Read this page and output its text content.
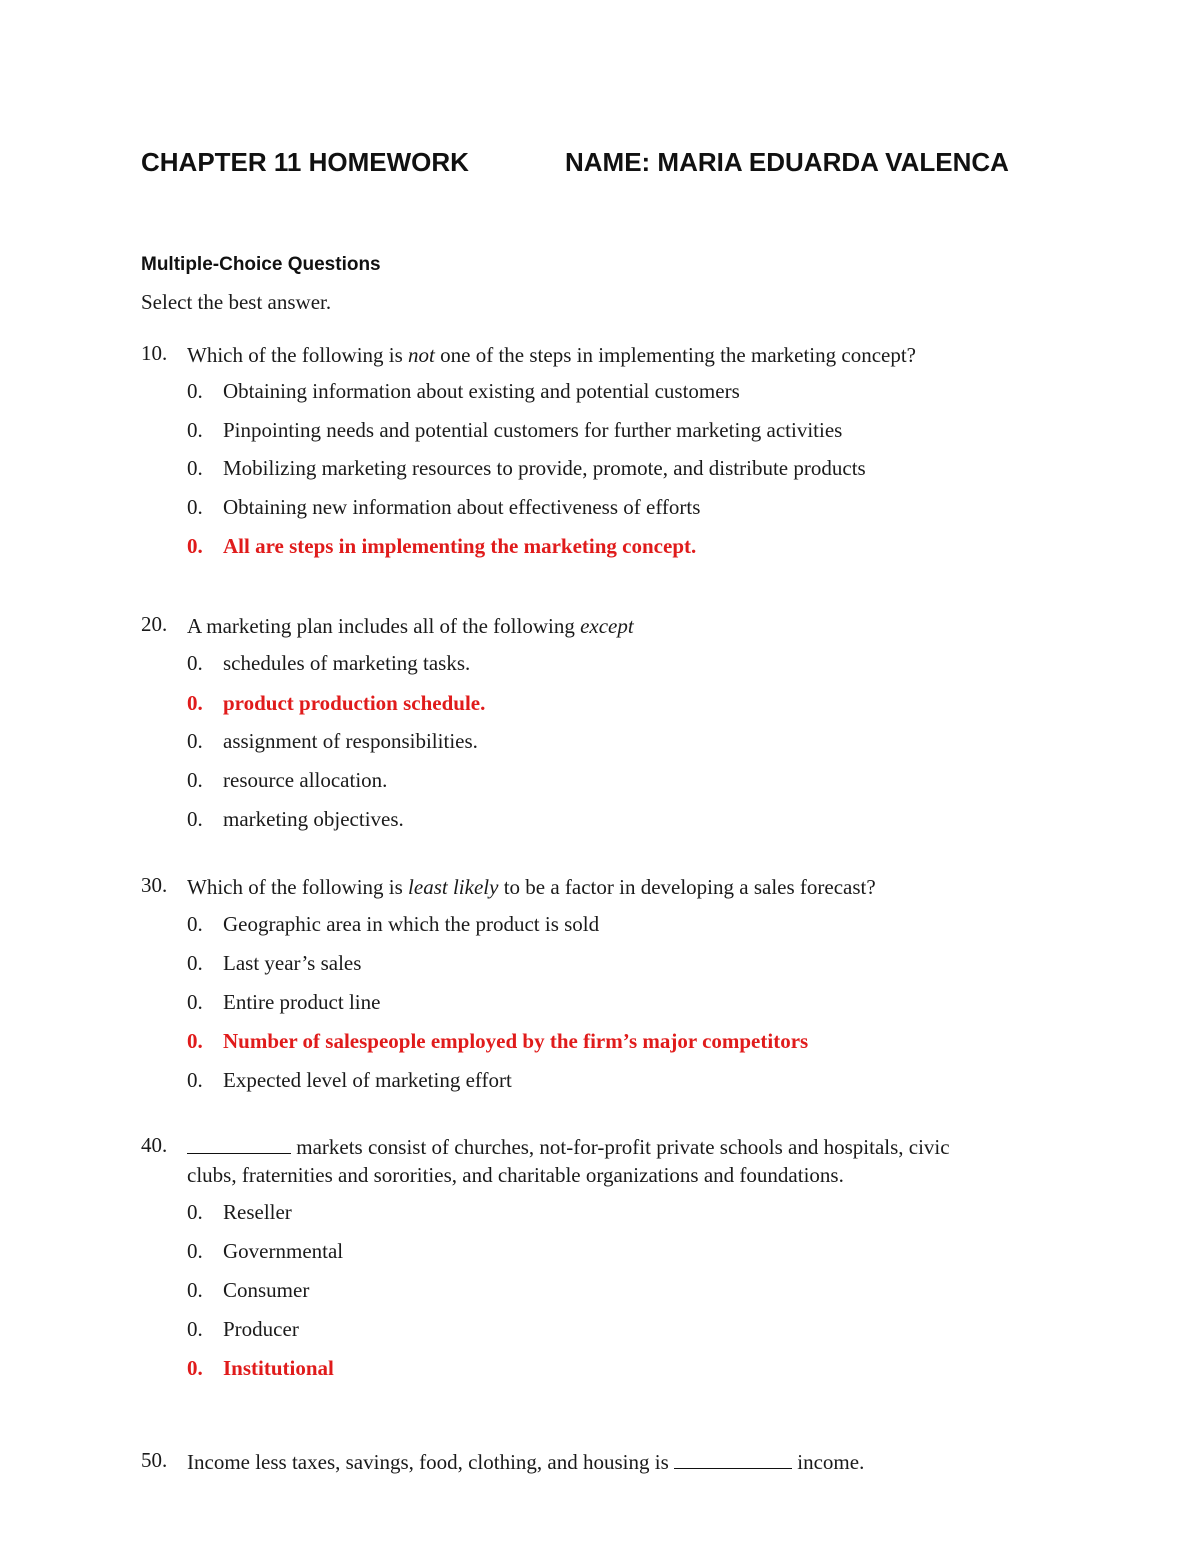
CHAPTER 11 HOMEWORK	NAME: MARIA EDUARDA VALENCA
Multiple-Choice Questions
Select the best answer.
10. Which of the following is not one of the steps in implementing the marketing concept?
0. Obtaining information about existing and potential customers
0. Pinpointing needs and potential customers for further marketing activities
0. Mobilizing marketing resources to provide, promote, and distribute products
0. Obtaining new information about effectiveness of efforts
0. All are steps in implementing the marketing concept.
20. A marketing plan includes all of the following except
0. schedules of marketing tasks.
0. product production schedule.
0. assignment of responsibilities.
0. resource allocation.
0. marketing objectives.
30. Which of the following is least likely to be a factor in developing a sales forecast?
0. Geographic area in which the product is sold
0. Last year’s sales
0. Entire product line
0. Number of salespeople employed by the firm’s major competitors
0. Expected level of marketing effort
40.	markets consist of churches, not-for-profit private schools and hospitals, civic
clubs, fraternities and sororities, and charitable organizations and foundations.
0. Reseller
0. Governmental
0. Consumer
0. Producer
0. Institutional
50. Income less taxes, savings, food, clothing, and housing is	income.
